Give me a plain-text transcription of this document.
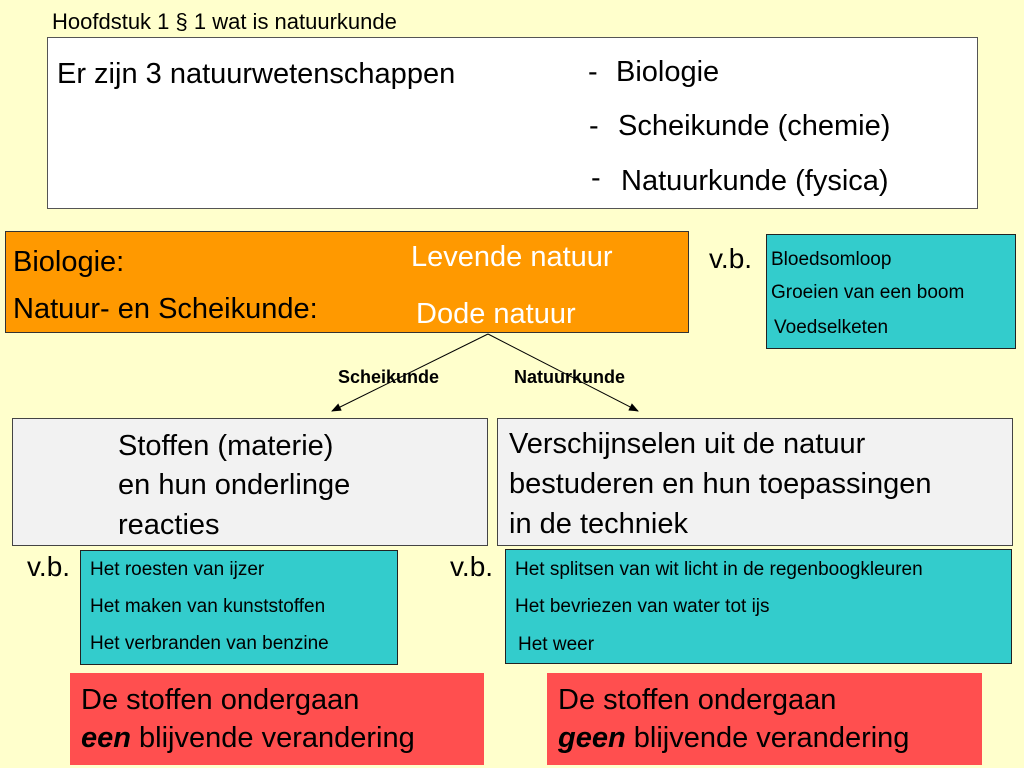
Hoofdstuk 1 § 1 wat is natuurkunde
Er zijn 3 natuurwetenschappen	- Biologie
- Scheikunde (chemie)
- Natuurkunde (fysica)
Biologie:	Levende natuur
Natuur- en Scheikunde:	Dode natuur
v.b. Bloedsomloop
Groeien van een boom
Voedselketen
Scheikunde	Natuurkunde
Stoffen (materie)
en hun onderlinge
reacties
Verschijnselen uit de natuur
bestuderen en hun toepassingen
in de techniek
v.b. Het roesten van ijzer
Het maken van kunststoffen
Het verbranden van benzine
v.b. Het splitsen van wit licht in de regenboogkleuren
Het bevriezen van water tot ijs
Het weer
De stoffen ondergaan
een blijvende verandering
De stoffen ondergaan
geen blijvende verandering
